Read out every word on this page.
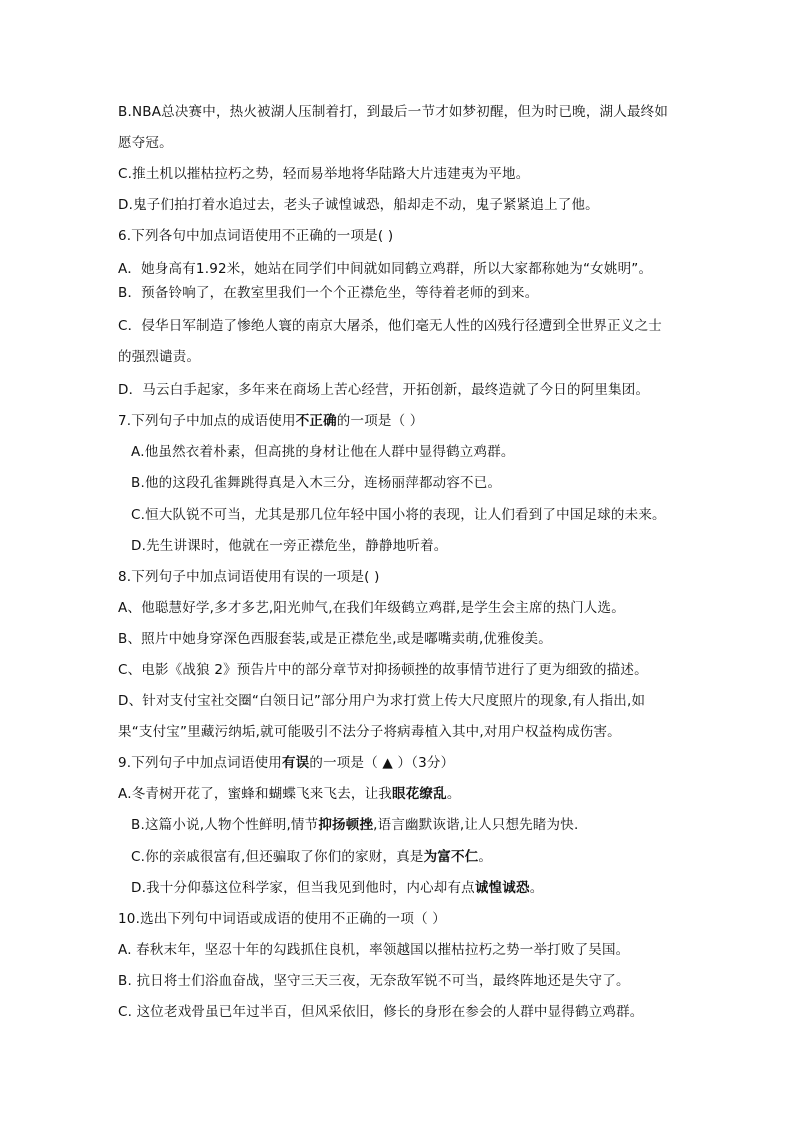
B.NBA总决赛中，热火被湖人压制着打，到最后一节才如梦初醒，但为时已晚，湖人最终如
愿夺冠。
C.推土机以摧枯拉朽之势，轻而易举地将华陆路大片违建夷为平地。
D.鬼子们拍打着水追过去，老头子诚惶诚恐，船却走不动，鬼子紧紧追上了他。
6.下列各句中加点词语使用不正确的一项是( )
A．她身高有1.92米，她站在同学们中间就如同鹤立鸡群，所以大家都称她为“女姚明”。
B．预备铃响了，在教室里我们一个个正襟危坐，等待着老师的到来。
C．侵华日军制造了惨绝人寰的南京大屠杀，他们毫无人性的凶残行径遭到全世界正义之士
的强烈谴责。
D．马云白手起家，多年来在商场上苦心经营，开拓创新，最终造就了今日的阿里集团。
7.下列句子中加点的成语使用不正确的一项是（ ）
A.他虽然衣着朴素，但高挑的身材让他在人群中显得鹤立鸡群。
B.他的这段孔雀舞跳得真是入木三分，连杨丽萍都动容不已。
C.恒大队锐不可当，尤其是那几位年轻中国小将的表现，让人们看到了中国足球的未来。
D.先生讲课时，他就在一旁正襟危坐，静静地听着。
8.下列句子中加点词语使用有误的一项是( )
A、他聪慧好学,多才多艺,阳光帅气,在我们年级鹤立鸡群,是学生会主席的热门人选。
B、照片中她身穿深色西服套装,或是正襟危坐,或是嘟嘴卖萌,优雅俊美。
C、电影《战狼 2》预告片中的部分章节对抑扬顿挫的故事情节进行了更为细致的描述。
D、针对支付宝社交圈“白领日记”部分用户为求打赏上传大尺度照片的现象,有人指出,如
果“支付宝”里藏污纳垢,就可能吸引不法分子将病毒植入其中,对用户权益构成伤害。
9.下列句子中加点词语使用有误的一项是（ ▲ ）（3分）
A.冬青树开花了，蜜蜂和蝴蝶飞来飞去，让我眼花缭乱。
B.这篇小说,人物个性鲜明,情节抑扬顿挫,语言幽默诙谐,让人只想先睹为快.
C.你的亲戚很富有,但还骗取了你们的家财，真是为富不仁。
D.我十分仰慕这位科学家，但当我见到他时，内心却有点诚惶诚恐。
10.选出下列句中词语或成语的使用不正确的一项（ ）
A. 春秋末年，坚忍十年的勾践抓住良机，率领越国以摧枯拉朽之势一举打败了吴国。
B. 抗日将士们浴血奋战，坚守三天三夜，无奈敌军锐不可当，最终阵地还是失守了。
C. 这位老戏骨虽已年过半百，但风采依旧，修长的身形在参会的人群中显得鹤立鸡群。
